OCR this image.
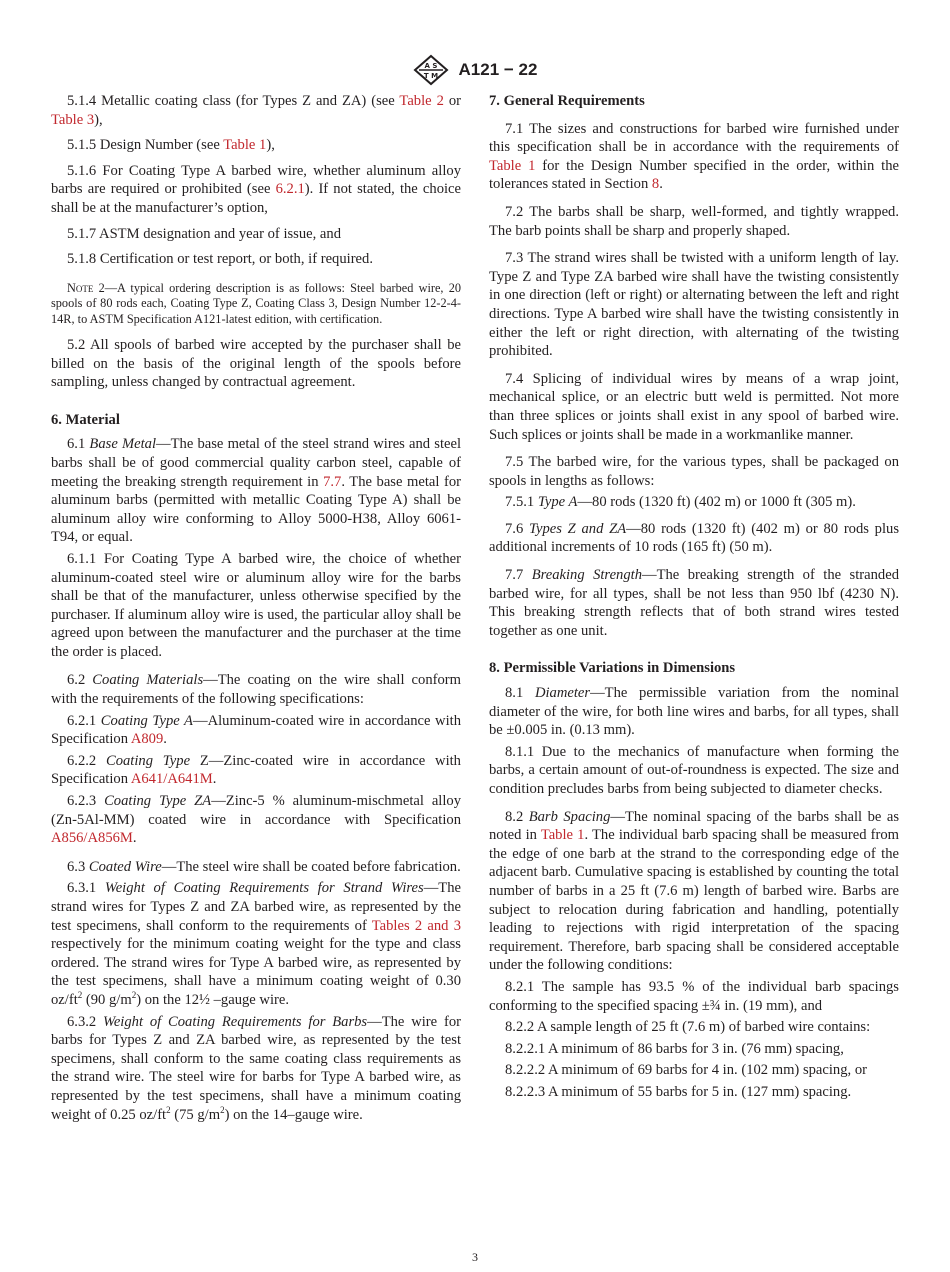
A S
T M A121 − 22

5.1.4 Metallic coating class (for Types Z and ZA) (see Table 2 or Table 3),

5.1.5 Design Number (see Table 1),

5.1.6 For Coating Type A barbed wire, whether aluminum alloy barbs are required or prohibited (see 6.2.1). If not stated, the choice shall be at the manufacturer’s option,

5.1.7 ASTM designation and year of issue, and

5.1.8 Certification or test report, or both, if required.

Note 2—A typical ordering description is as follows: Steel barbed wire, 20 spools of 80 rods each, Coating Type Z, Coating Class 3, Design Number 12-2-4-14R, to ASTM Specification A121-latest edition, with certification.

5.2 All spools of barbed wire accepted by the purchaser shall be billed on the basis of the original length of the spools before sampling, unless changed by contractual agreement.

6. Material

6.1 Base Metal—The base metal of the steel strand wires and steel barbs shall be of good commercial quality carbon steel, capable of meeting the breaking strength requirement in 7.7. The base metal for aluminum barbs (permitted with metallic Coating Type A) shall be aluminum alloy wire conforming to Alloy 5000-H38, Alloy 6061-T94, or equal.

6.1.1 For Coating Type A barbed wire, the choice of whether aluminum-coated steel wire or aluminum alloy wire for the barbs shall be that of the manufacturer, unless otherwise specified by the purchaser. If aluminum alloy wire is used, the particular alloy shall be agreed upon between the manufacturer and the purchaser at the time the order is placed.

6.2 Coating Materials—The coating on the wire shall conform with the requirements of the following specifications:

6.2.1 Coating Type A—Aluminum-coated wire in accordance with Specification A809.

6.2.2 Coating Type Z—Zinc-coated wire in accordance with Specification A641/A641M.

6.2.3 Coating Type ZA—Zinc-5 % aluminum-mischmetal alloy (Zn-5Al-MM) coated wire in accordance with Specification A856/A856M.

6.3 Coated Wire—The steel wire shall be coated before fabrication.

6.3.1 Weight of Coating Requirements for Strand Wires—The strand wires for Types Z and ZA barbed wire, as represented by the test specimens, shall conform to the requirements of Tables 2 and 3 respectively for the minimum coating weight for the type and class ordered. The strand wires for Type A barbed wire, as represented by the test specimens, shall have a minimum coating weight of 0.30 $oz/ft^2$ (90 $g/m^2$) on the 12½ –gauge wire.

6.3.2 Weight of Coating Requirements for Barbs—The wire for barbs for Types Z and ZA barbed wire, as represented by the test specimens, shall conform to the same coating class requirements as the strand wire. The steel wire for barbs for Type A barbed wire, as represented by the test specimens, shall have a minimum coating weight of 0.25 $oz/ft^2$ (75 $g/m^2$) on the 14–gauge wire.

7. General Requirements

7.1 The sizes and constructions for barbed wire furnished under this specification shall be in accordance with the requirements of Table 1 for the Design Number specified in the order, within the tolerances stated in Section 8.

7.2 The barbs shall be sharp, well-formed, and tightly wrapped. The barb points shall be sharp and properly shaped.

7.3 The strand wires shall be twisted with a uniform length of lay. Type Z and Type ZA barbed wire shall have the twisting consistently in one direction (left or right) or alternating between the left and right directions. Type A barbed wire shall have the twisting consistently in either the left or right direction, with alternating of the twisting prohibited.

7.4 Splicing of individual wires by means of a wrap joint, mechanical splice, or an electric butt weld is permitted. Not more than three splices or joints shall exist in any spool of barbed wire. Such splices or joints shall be made in a workmanlike manner.

7.5 The barbed wire, for the various types, shall be packaged on spools in lengths as follows:

7.5.1 Type A—80 rods (1320 ft) (402 m) or 1000 ft (305 m).

7.6 Types Z and ZA—80 rods (1320 ft) (402 m) or 80 rods plus additional increments of 10 rods (165 ft) (50 m).

7.7 Breaking Strength—The breaking strength of the stranded barbed wire, for all types, shall be not less than 950 lbf (4230 N). This breaking strength reflects that of both strand wires tested together as one unit.

8. Permissible Variations in Dimensions

8.1 Diameter—The permissible variation from the nominal diameter of the wire, for both line wires and barbs, for all types, shall be ±0.005 in. (0.13 mm).

8.1.1 Due to the mechanics of manufacture when forming the barbs, a certain amount of out-of-roundness is expected. The size and condition precludes barbs from being subjected to diameter checks.

8.2 Barb Spacing—The nominal spacing of the barbs shall be as noted in Table 1. The individual barb spacing shall be measured from the edge of one barb at the strand to the corresponding edge of the adjacent barb. Cumulative spacing is established by counting the total number of barbs in a 25 ft (7.6 m) length of barbed wire. Barbs are subject to relocation during fabrication and handling, potentially leading to rejections with rigid interpretation of the spacing requirement. Therefore, barb spacing shall be considered acceptable under the following conditions:

8.2.1 The sample has 93.5 % of the individual barb spacings conforming to the specified spacing ±¾ in. (19 mm), and

8.2.2 A sample length of 25 ft (7.6 m) of barbed wire contains:

8.2.2.1 A minimum of 86 barbs for 3 in. (76 mm) spacing,

8.2.2.2 A minimum of 69 barbs for 4 in. (102 mm) spacing, or

8.2.2.3 A minimum of 55 barbs for 5 in. (127 mm) spacing.

3
